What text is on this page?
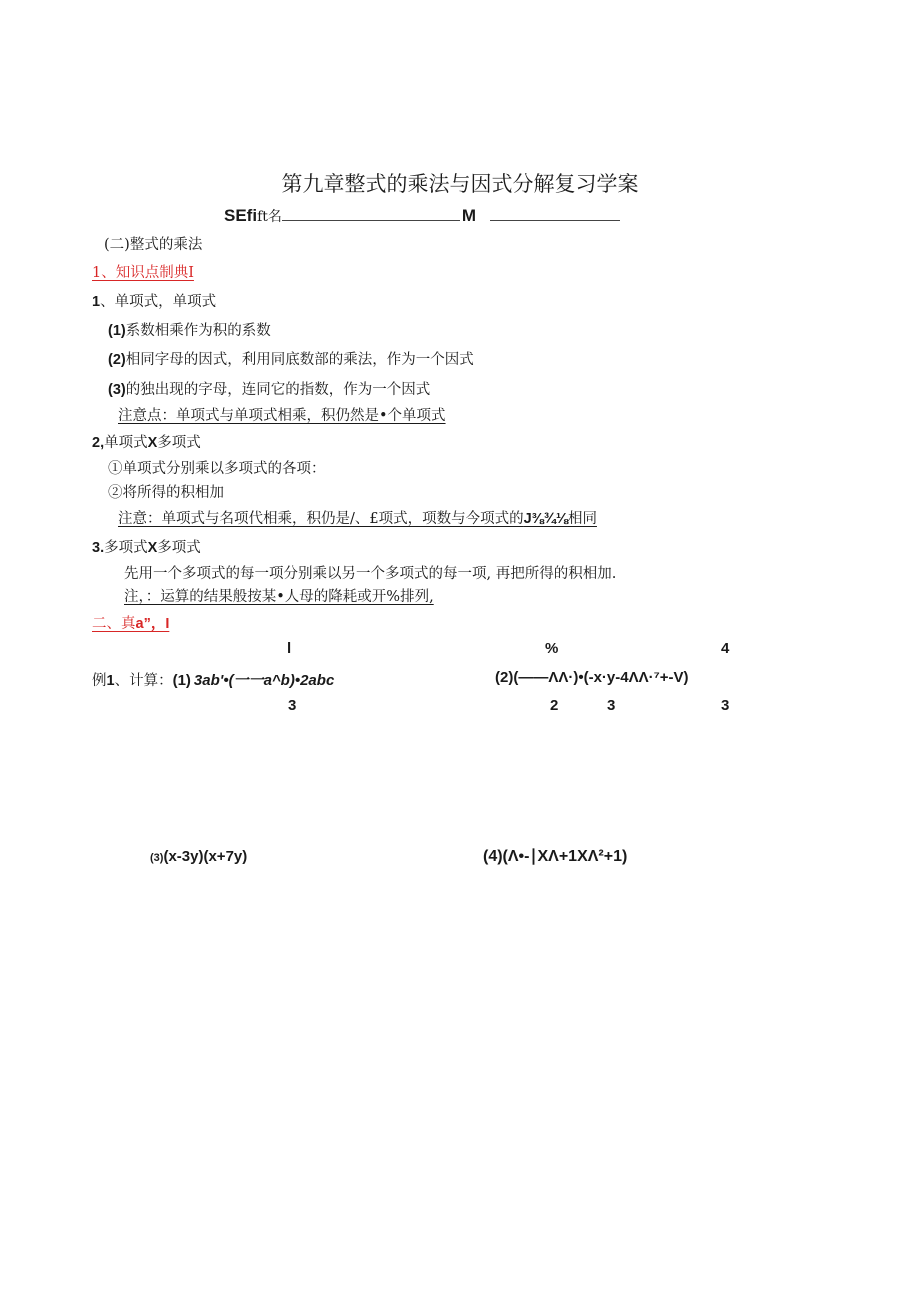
第九章整式的乘法与因式分解复习学案
SEfift名	M
(二)整式的乘法
1、知识点制典I
1、单项式，单项式
(1)系数相乘作为积的系数
(2)相同字母的因式，利用同底数部的乘法，作为一个因式
(3)的独出现的字母，连同它的指数，作为一个因式
注意点：单项式与单项式相乘，积仍然是•个单项式
2,单项式X多项式
①单项式分别乘以多项式的各项：
②将所得的积相加
注意：单项式与名项代相乘，积仍是/、£项式，项数与今项式的J⅜¾⅛相同
3.多项式X多项式
先用一个多项式的每一项分别乘以另一个多项式的每一项, 再把所得的积相加.
注，：运算的结果般按某•人母的降耗或开%排列,
二、真a”，I
l	%	4
例1、计算：(1) 3ab'•(一一a^b)•2abc	(2)(——ΛΛ·)•(-x·y-4ΛΛ·⁷+-V)
3	2	3	3
(3)(x-3y)(x+7y)	(4)(Λ•-∣XΛ+1XΛ²+1)
